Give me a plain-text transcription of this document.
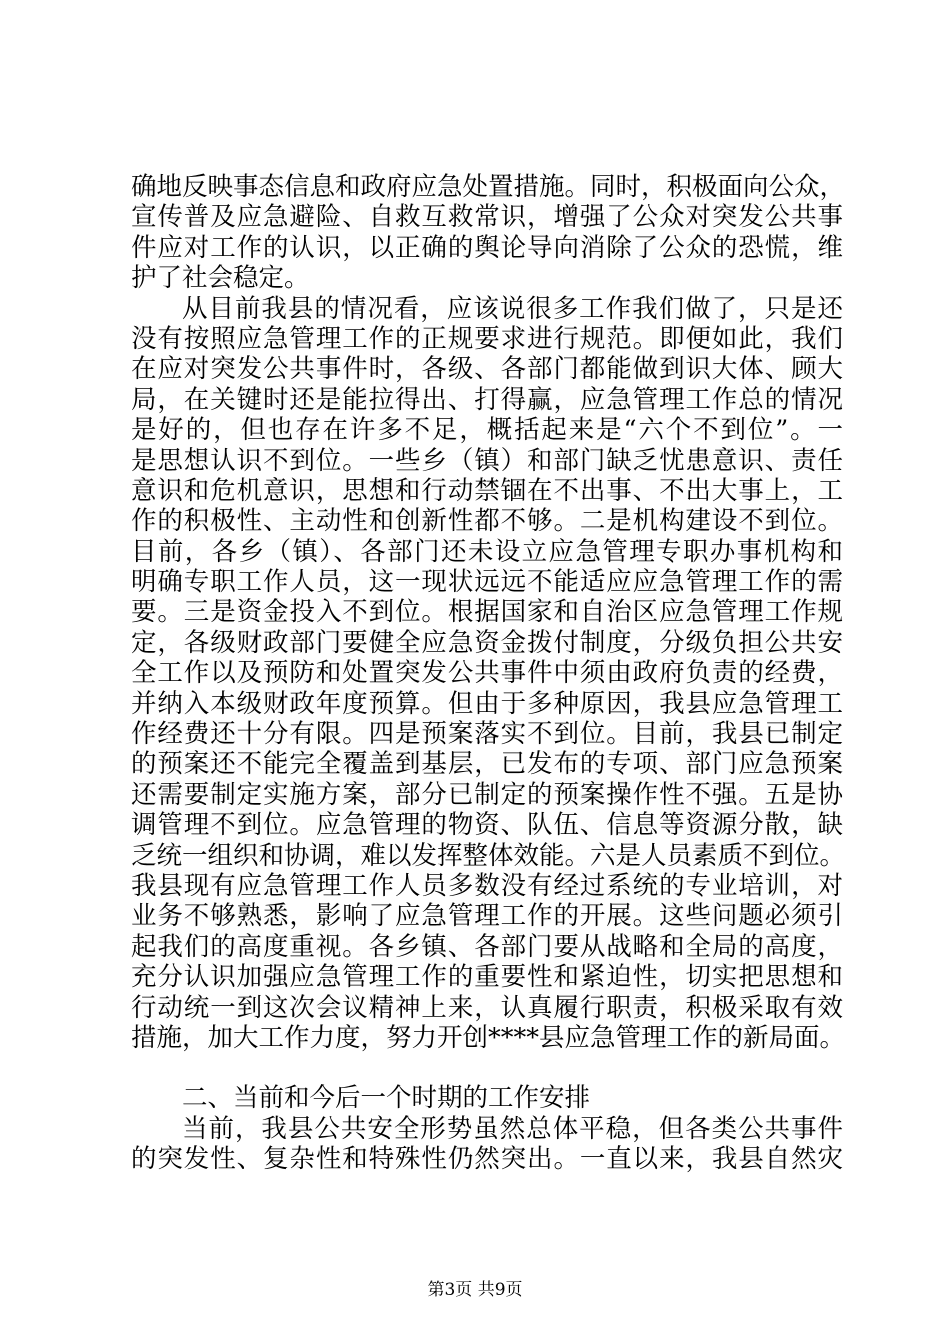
确地反映事态信息和政府应急处置措施。同时，积极面向公众，
宣传普及应急避险、自救互救常识，增强了公众对突发公共事
件应对工作的认识，以正确的舆论导向消除了公众的恐慌，维
护了社会稳定。
从目前我县的情况看，应该说很多工作我们做了，只是还
没有按照应急管理工作的正规要求进行规范。即便如此，我们
在应对突发公共事件时，各级、各部门都能做到识大体、顾大
局，在关键时还是能拉得出、打得赢，应急管理工作总的情况
是好的，但也存在许多不足，概括起来是“六个不到位”。一
是思想认识不到位。一些乡（镇）和部门缺乏忧患意识、责任
意识和危机意识，思想和行动禁锢在不出事、不出大事上，工
作的积极性、主动性和创新性都不够。二是机构建设不到位。
目前，各乡（镇）、各部门还未设立应急管理专职办事机构和
明确专职工作人员，这一现状远远不能适应应急管理工作的需
要。三是资金投入不到位。根据国家和自治区应急管理工作规
定，各级财政部门要健全应急资金拨付制度，分级负担公共安
全工作以及预防和处置突发公共事件中须由政府负责的经费，
并纳入本级财政年度预算。但由于多种原因，我县应急管理工
作经费还十分有限。四是预案落实不到位。目前，我县已制定
的预案还不能完全覆盖到基层，已发布的专项、部门应急预案
还需要制定实施方案，部分已制定的预案操作性不强。五是协
调管理不到位。应急管理的物资、队伍、信息等资源分散，缺
乏统一组织和协调，难以发挥整体效能。六是人员素质不到位。
我县现有应急管理工作人员多数没有经过系统的专业培训，对
业务不够熟悉，影响了应急管理工作的开展。这些问题必须引
起我们的高度重视。各乡镇、各部门要从战略和全局的高度，
充分认识加强应急管理工作的重要性和紧迫性，切实把思想和
行动统一到这次会议精神上来，认真履行职责，积极采取有效
措施，加大工作力度，努力开创****县应急管理工作的新局面。
二、当前和今后一个时期的工作安排
当前，我县公共安全形势虽然总体平稳，但各类公共事件
的突发性、复杂性和特殊性仍然突出。一直以来，我县自然灾
第3页 共9页
